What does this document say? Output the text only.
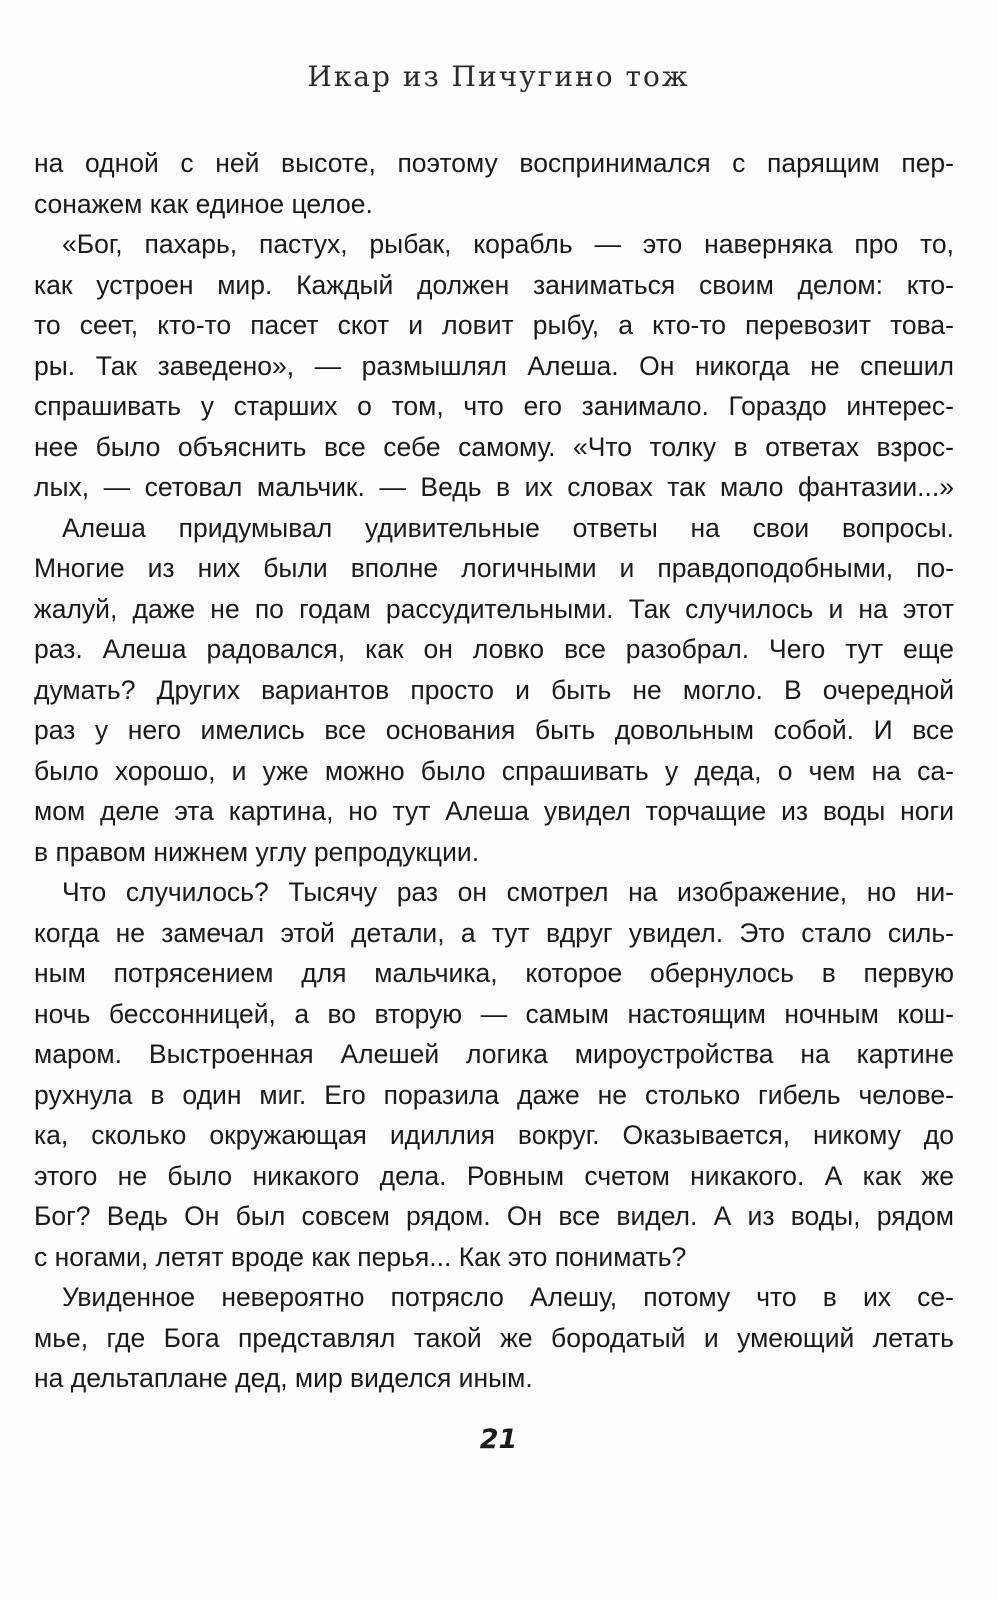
Икар из Пичугино тож
на одной с ней высоте, поэтому воспринимался с парящим пер-
сонажем как единое целое.
«Бог, пахарь, пастух, рыбак, корабль — это наверняка про то,
как устроен мир. Каждый должен заниматься своим делом: кто-
то сеет, кто-то пасет скот и ловит рыбу, а кто-то перевозит това-
ры. Так заведено», — размышлял Алеша. Он никогда не спешил
спрашивать у старших о том, что его занимало. Гораздо интерес-
нее было объяснить все себе самому. «Что толку в ответах взрос-
лых, — сетовал мальчик. — Ведь в их словах так мало фантазии...»
Алеша придумывал удивительные ответы на свои вопросы.
Многие из них были вполне логичными и правдоподобными, по-
жалуй, даже не по годам рассудительными. Так случилось и на этот
раз. Алеша радовался, как он ловко все разобрал. Чего тут еще
думать? Других вариантов просто и быть не могло. В очередной
раз у него имелись все основания быть довольным собой. И все
было хорошо, и уже можно было спрашивать у деда, о чем на са-
мом деле эта картина, но тут Алеша увидел торчащие из воды ноги
в правом нижнем углу репродукции.
Что случилось? Тысячу раз он смотрел на изображение, но ни-
когда не замечал этой детали, а тут вдруг увидел. Это стало силь-
ным потрясением для мальчика, которое обернулось в первую
ночь бессонницей, а во вторую — самым настоящим ночным кош-
маром. Выстроенная Алешей логика мироустройства на картине
рухнула в один миг. Его поразила даже не столько гибель челове-
ка, сколько окружающая идиллия вокруг. Оказывается, никому до
этого не было никакого дела. Ровным счетом никакого. А как же
Бог? Ведь Он был совсем рядом. Он все видел. А из воды, рядом
с ногами, летят вроде как перья... Как это понимать?
Увиденное невероятно потрясло Алешу, потому что в их се-
мье, где Бога представлял такой же бородатый и умеющий летать
на дельтаплане дед, мир виделся иным.
21
